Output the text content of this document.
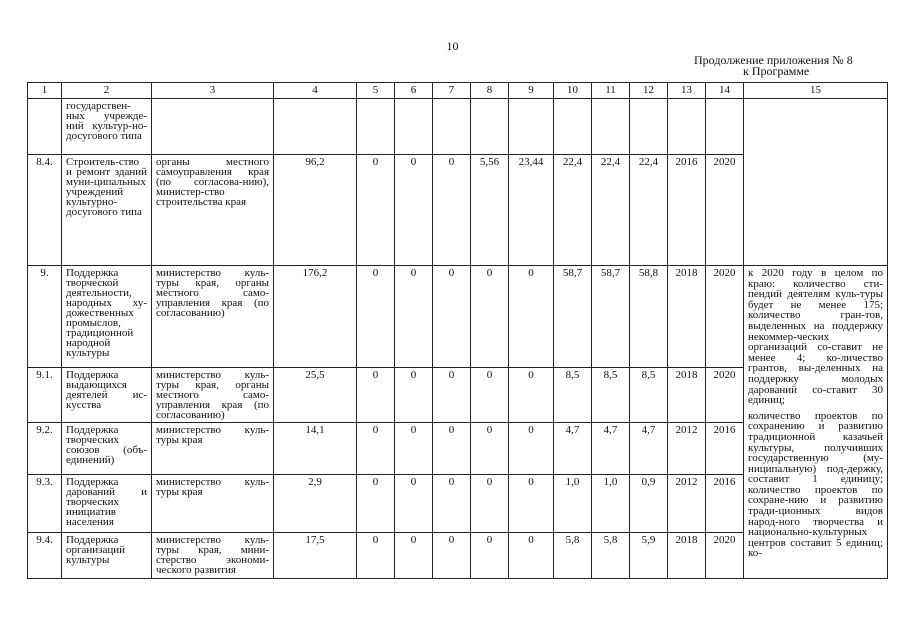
10
Продолжение приложения № 8
к Программе
1	2	3	4	5	6	7	8	9	10	11	12	13	14	15
	государствен-ных учрежде-ний культур-но-досугового типа													
8.4.	Строитель-ство и ремонт зданий муни-ципальных учреждений культурно-досугового типа	органы местного самоуправления края (по согласова-нию), министер-ство строительства края	96,2	0	0	0	5,56	23,44	22,4	22,4	22,4	2016	2020	
9.	Поддержка творческой деятельности, народных ху-дожественных промыслов, традиционной народной культуры	министерство куль-туры края, органы местного само-управления края (по согласованию)	176,2	0	0	0	0	0	58,7	58,7	58,8	2018	2020	к 2020 году в целом по краю: количество сти-пендий деятелям куль-туры будет не менее 175; количество гран-тов, выделенных на поддержку некоммер-ческих организаций со-ставит не менее 4; ко-личество грантов, вы-деленных на поддержку молодых дарований со-ставит 30 единиц;

количество проектов по сохранению и развитию традиционной казачьей культуры, получивших государственную (му-ниципальную) под-держку, составит 1 единицу; количество проектов по сохране-нию и развитию тради-ционных видов народ-ного творчества и национально-культурных центров составит 5 единиц; ко-

9.1.	Поддержка выдающихся деятелей ис-кусства	министерство куль-туры края, органы местного само-управления края (по согласованию)	25,5	0	0	0	0	0	8,5	8,5	8,5	2018	2020	
9.2.	Поддержка творческих союзов (объ-единений)	министерство куль-туры края	14,1	0	0	0	0	0	4,7	4,7	4,7	2012	2016	
9.3.	Поддержка дарований и творческих инициатив населения	министерство куль-туры края	2,9	0	0	0	0	0	1,0	1,0	0,9	2012	2016	
9.4.	Поддержка организаций культуры	министерство куль-туры края, мини-стерство экономи-ческого развития	17,5	0	0	0	0	0	5,8	5,8	5,9	2018	2020	
